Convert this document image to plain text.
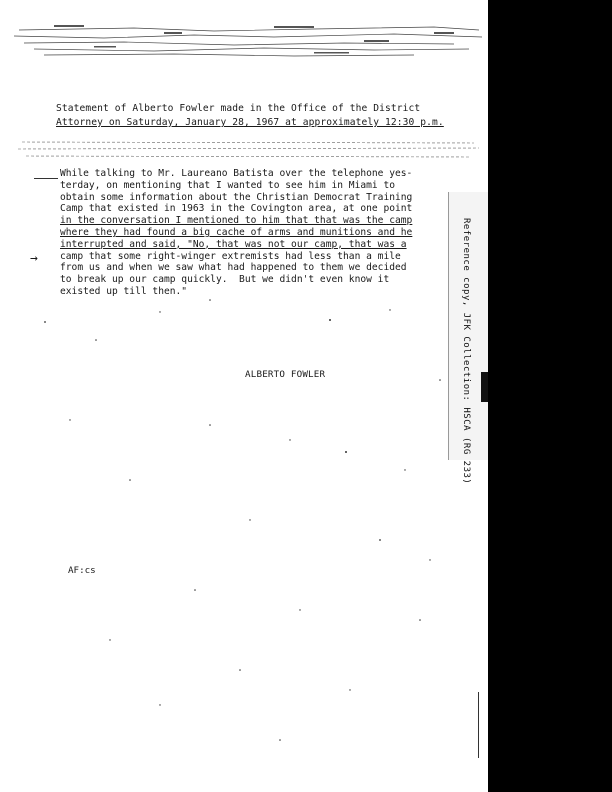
Statement of Alberto Fowler made in the Office of the District
Attorney on Saturday, January 28, 1967 at approximately 12:30 p.m.
While talking to Mr. Laureano Batista over the telephone yes-
terday, on mentioning that I wanted to see him in Miami to
obtain some information about the Christian Democrat Training
Camp that existed in 1963 in the Covington area, at one point
in the conversation I mentioned to him that that was the camp
where they had found a big cache of arms and munitions and he
interrupted and said, "No, that was not our camp, that was a
camp that some right-winger extremists had less than a mile
from us and when we saw what had happened to them we decided
to break up our camp quickly.  But we didn't even know it
existed up till then."
→
ALBERTO FOWLER
AF:cs
Reference copy, JFK Collection: HSCA (RG 233)
